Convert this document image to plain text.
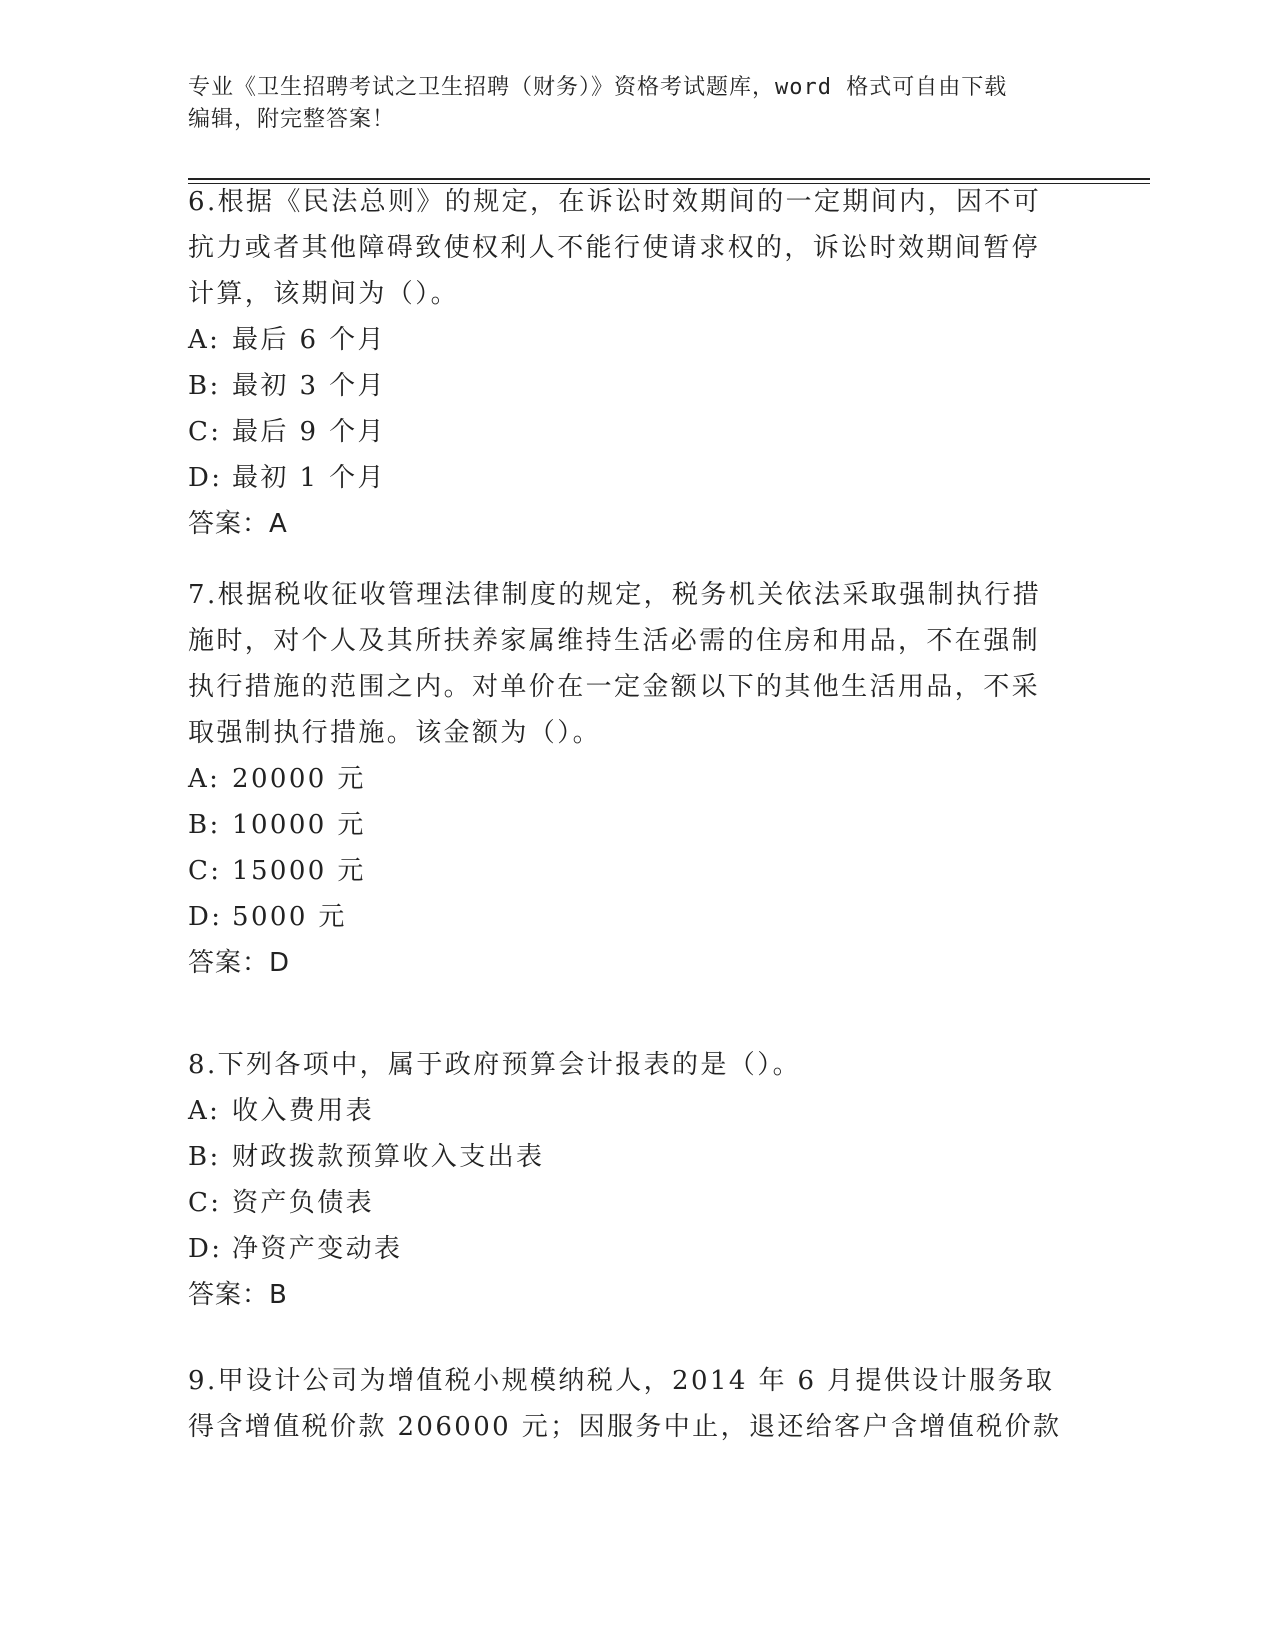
专业《卫生招聘考试之卫生招聘（财务）》资格考试题库，word 格式可自由下载
编辑，附完整答案！

6.根据《民法总则》的规定，在诉讼时效期间的一定期间内，因不可抗力或者其他障碍致使权利人不能行使请求权的，诉讼时效期间暂停计算，该期间为（）。

A: 最后 6 个月

B: 最初 3 个月

C: 最后 9 个月

D: 最初 1 个月

答案：A

7.根据税收征收管理法律制度的规定，税务机关依法采取强制执行措施时，对个人及其所扶养家属维持生活必需的住房和用品，不在强制执行措施的范围之内。对单价在一定金额以下的其他生活用品，不采取强制执行措施。该金额为（）。

A: 20000 元

B: 10000 元

C: 15000 元

D: 5000 元

答案：D

8.下列各项中，属于政府预算会计报表的是（）。

A: 收入费用表

B: 财政拨款预算收入支出表

C: 资产负债表

D: 净资产变动表

答案：B

9.甲设计公司为增值税小规模纳税人，2014 年 6 月提供设计服务取得含增值税价款 206000 元；因服务中止，退还给客户含增值税价款
